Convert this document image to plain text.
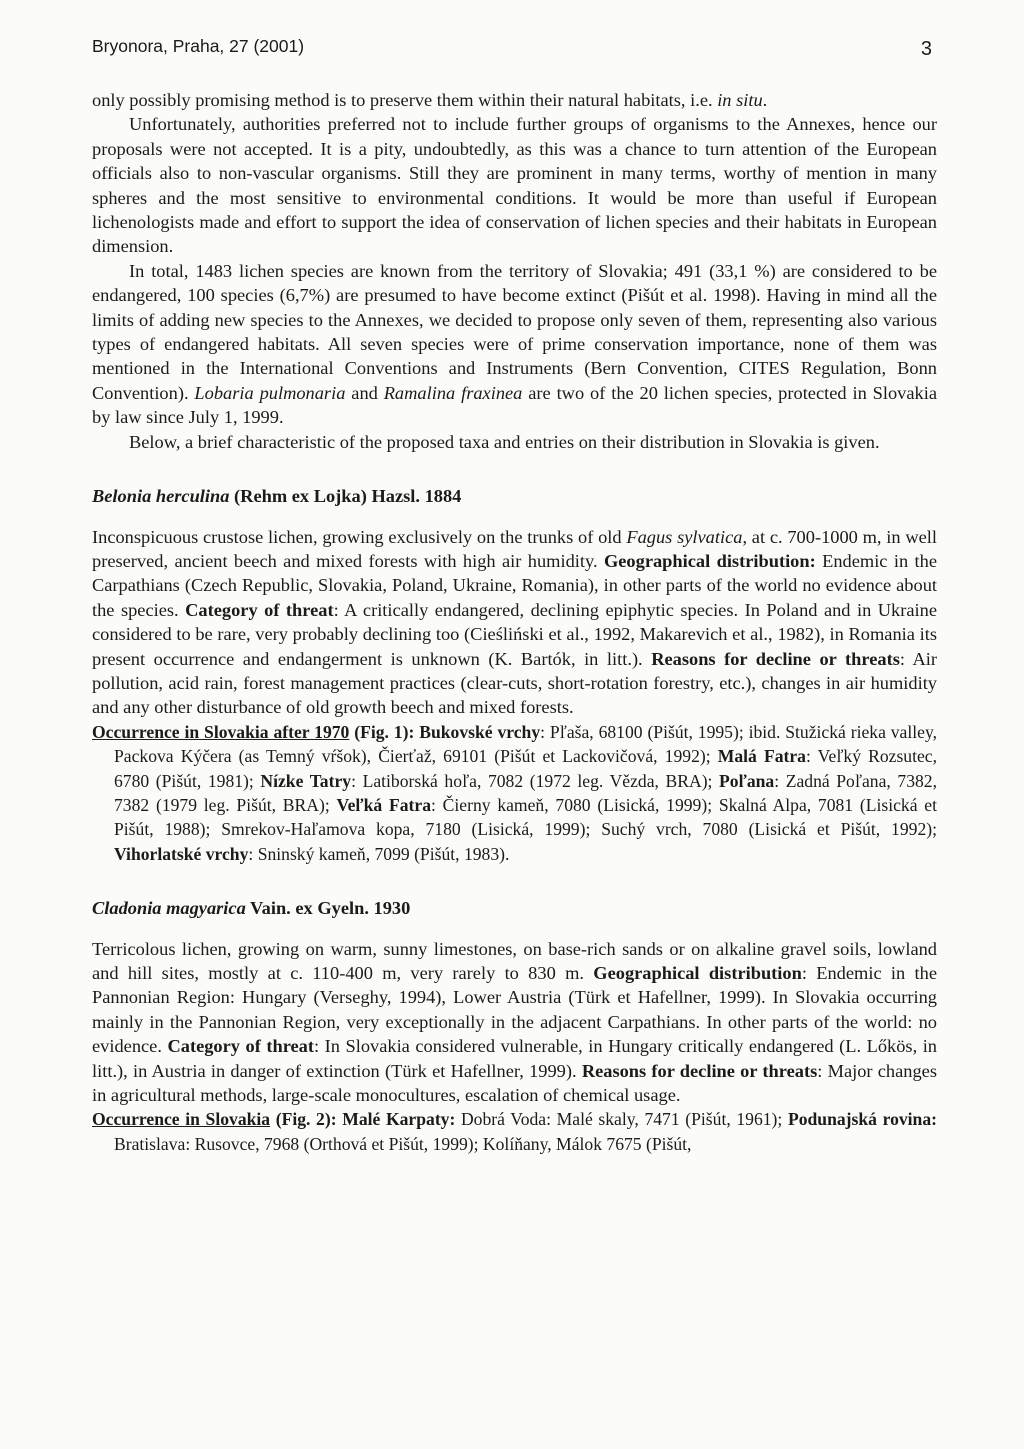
Bryonora, Praha, 27 (2001)	3

only possibly promising method is to preserve them within their natural habitats, i.e. in situ.

Unfortunately, authorities preferred not to include further groups of organisms to the Annexes, hence our proposals were not accepted. It is a pity, undoubtedly, as this was a chance to turn attention of the European officials also to non-vascular organisms. Still they are prominent in many terms, worthy of mention in many spheres and the most sensitive to environmental conditions. It would be more than useful if European lichenologists made and effort to support the idea of conservation of lichen species and their habitats in European dimension.

In total, 1483 lichen species are known from the territory of Slovakia; 491 (33,1 %) are considered to be endangered, 100 species (6,7%) are presumed to have become extinct (Pišút et al. 1998). Having in mind all the limits of adding new species to the Annexes, we decided to propose only seven of them, representing also various types of endangered habitats. All seven species were of prime conservation importance, none of them was mentioned in the International Conventions and Instruments (Bern Convention, CITES Regulation, Bonn Convention). Lobaria pulmonaria and Ramalina fraxinea are two of the 20 lichen species, protected in Slovakia by law since July 1, 1999.

Below, a brief characteristic of the proposed taxa and entries on their distribution in Slovakia is given.

Belonia herculina (Rehm ex Lojka) Hazsl. 1884

Inconspicuous crustose lichen, growing exclusively on the trunks of old Fagus sylvatica, at c. 700-1000 m, in well preserved, ancient beech and mixed forests with high air humidity. Geographical distribution: Endemic in the Carpathians (Czech Republic, Slovakia, Poland, Ukraine, Romania), in other parts of the world no evidence about the species. Category of threat: A critically endangered, declining epiphytic species. In Poland and in Ukraine considered to be rare, very probably declining too (Cieśliński et al., 1992, Makarevich et al., 1982), in Romania its present occurrence and endangerment is unknown (K. Bartók, in litt.). Reasons for decline or threats: Air pollution, acid rain, forest management practices (clear-cuts, short-rotation forestry, etc.), changes in air humidity and any other disturbance of old growth beech and mixed forests.

Occurrence in Slovakia after 1970 (Fig. 1): Bukovské vrchy: Pľaša, 68100 (Pišút, 1995); ibid. Stužická rieka valley, Packova Kýčera (as Temný vŕšok), Čierťaž, 69101 (Pišút et Lackovičová, 1992); Malá Fatra: Veľký Rozsutec, 6780 (Pišút, 1981); Nízke Tatry: Latiborská hoľa, 7082 (1972 leg. Vězda, BRA); Poľana: Zadná Poľana, 7382, 7382 (1979 leg. Pišút, BRA); Veľká Fatra: Čierny kameň, 7080 (Lisická, 1999); Skalná Alpa, 7081 (Lisická et Pišút, 1988); Smrekov-Haľamova kopa, 7180 (Lisická, 1999); Suchý vrch, 7080 (Lisická et Pišút, 1992); Vihorlatské vrchy: Sninský kameň, 7099 (Pišút, 1983).

Cladonia magyarica Vain. ex Gyeln. 1930

Terricolous lichen, growing on warm, sunny limestones, on base-rich sands or on alkaline gravel soils, lowland and hill sites, mostly at c. 110-400 m, very rarely to 830 m. Geographical distribution: Endemic in the Pannonian Region: Hungary (Verseghy, 1994), Lower Austria (Türk et Hafellner, 1999). In Slovakia occurring mainly in the Pannonian Region, very exceptionally in the adjacent Carpathians. In other parts of the world: no evidence. Category of threat: In Slovakia considered vulnerable, in Hungary critically endangered (L. Lőkös, in litt.), in Austria in danger of extinction (Türk et Hafellner, 1999). Reasons for decline or threats: Major changes in agricultural methods, large-scale monocultures, escalation of chemical usage.

Occurrence in Slovakia (Fig. 2): Malé Karpaty: Dobrá Voda: Malé skaly, 7471 (Pišút, 1961); Podunajská rovina: Bratislava: Rusovce, 7968 (Orthová et Pišút, 1999); Kolíňany, Málok 7675 (Pišút,
